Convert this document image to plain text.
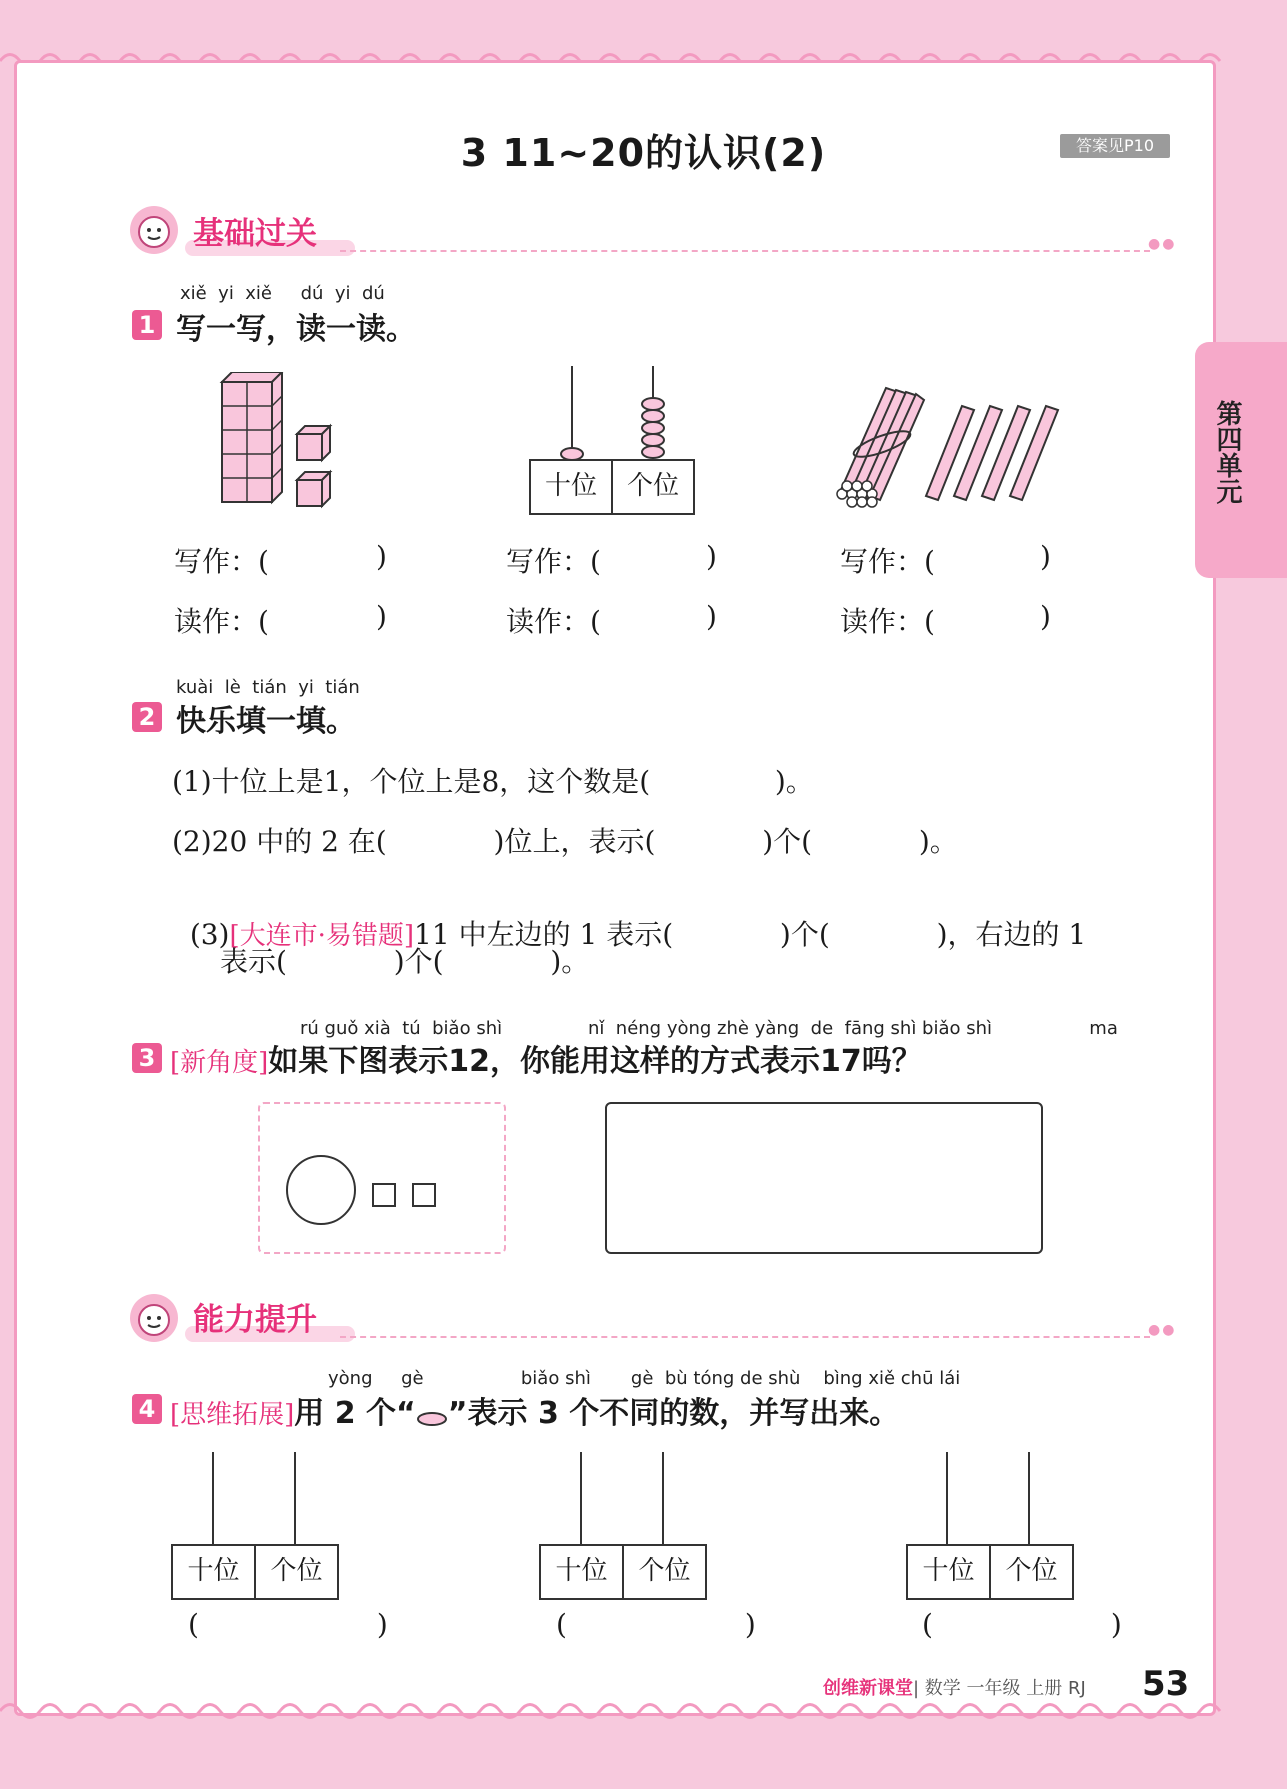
第四单元
3 11~20的认识(2)	答案见P10
基础过关	●●
xiě  yi  xiě     dú  yi  dú
1 写一写，读一读。
十位	个位
写作：(	)	写作：(	)	写作：(	)
读作：(	)	读作：(	)	读作：(	)
kuài  lè  tián  yi  tián
2 快乐填一填。
(1)十位上是1，个位上是8，这个数是(              )。
(2)20 中的 2 在(            )位上，表示(            )个(            )。

(3)[大连市·易错题]11 中左边的 1 表示(            )个(            )，右边的 1

表示(            )个(            )。
rú guǒ xià  tú  biǎo shì               nǐ  néng yòng zhè yàng  de  fāng shì biǎo shì                 ma
3 [新角度]如果下图表示12，你能用这样的方式表示17吗？
能力提升	●●
yòng     gè                 biǎo shì       gè  bù tóng de shù    bìng xiě chū lái
4 [思维拓展]用 2 个“ ”表示 3 个不同的数，并写出来。
十位	个位
(                    )
十位	个位
(                    )
十位	个位
(                    )
创维新课堂| 数学 一年级 上册 RJ 53
